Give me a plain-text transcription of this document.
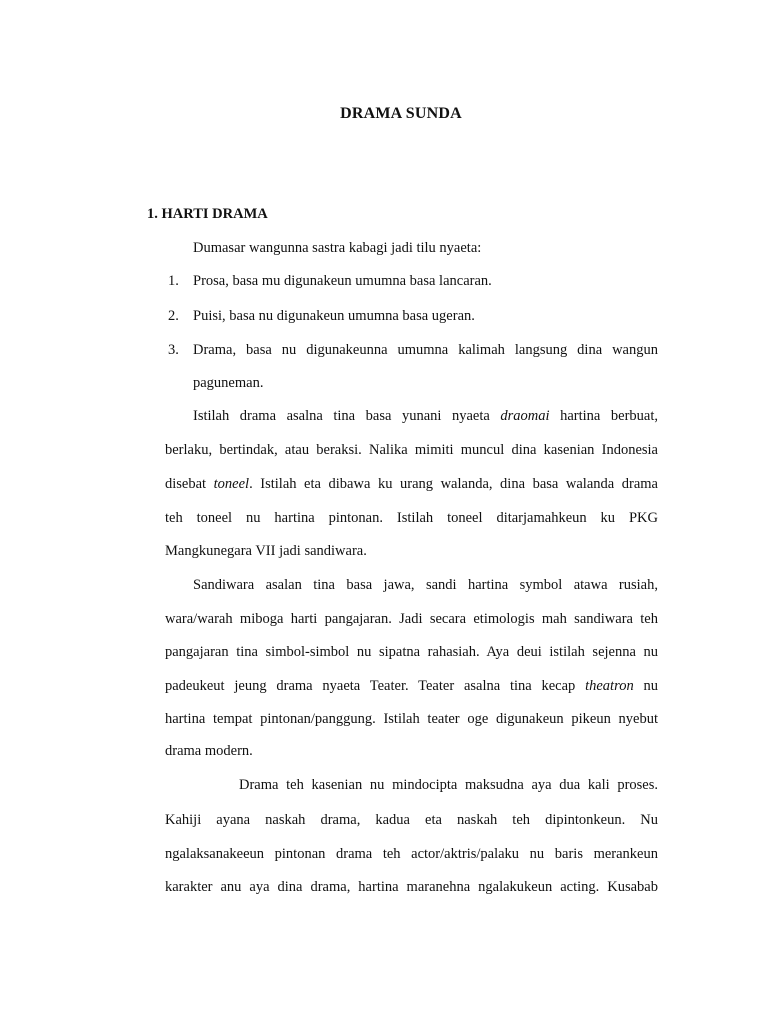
DRAMA SUNDA
1. HARTI DRAMA
Dumasar wangunna sastra kabagi jadi tilu nyaeta:
1. Prosa, basa mu digunakeun umumna basa lancaran.
2. Puisi, basa nu digunakeun umumna basa ugeran.
3. Drama, basa nu digunakeunna umumna kalimah langsung dina wangun
paguneman.
Istilah drama asalna tina basa yunani nyaeta draomai hartina berbuat,
berlaku, bertindak, atau beraksi. Nalika mimiti muncul dina kasenian Indonesia
disebat toneel. Istilah eta dibawa ku urang walanda, dina basa walanda drama
teh toneel nu hartina pintonan. Istilah toneel ditarjamahkeun ku PKG
Mangkunegara VII jadi sandiwara.
Sandiwara asalan tina basa jawa, sandi hartina symbol atawa rusiah,
wara/warah miboga harti pangajaran. Jadi secara etimologis mah sandiwara teh
pangajaran tina simbol-simbol nu sipatna rahasiah. Aya deui istilah sejenna nu
padeukeut jeung drama nyaeta Teater. Teater asalna tina kecap theatron nu
hartina tempat pintonan/panggung. Istilah teater oge digunakeun pikeun nyebut
drama modern.
Drama teh kasenian nu mindocipta maksudna aya dua kali proses.
Kahiji ayana naskah drama, kadua eta naskah teh dipintonkeun. Nu
ngalaksanakeeun pintonan drama teh actor/aktris/palaku nu baris merankeun
karakter anu aya dina drama, hartina maranehna ngalakukeun acting. Kusabab
